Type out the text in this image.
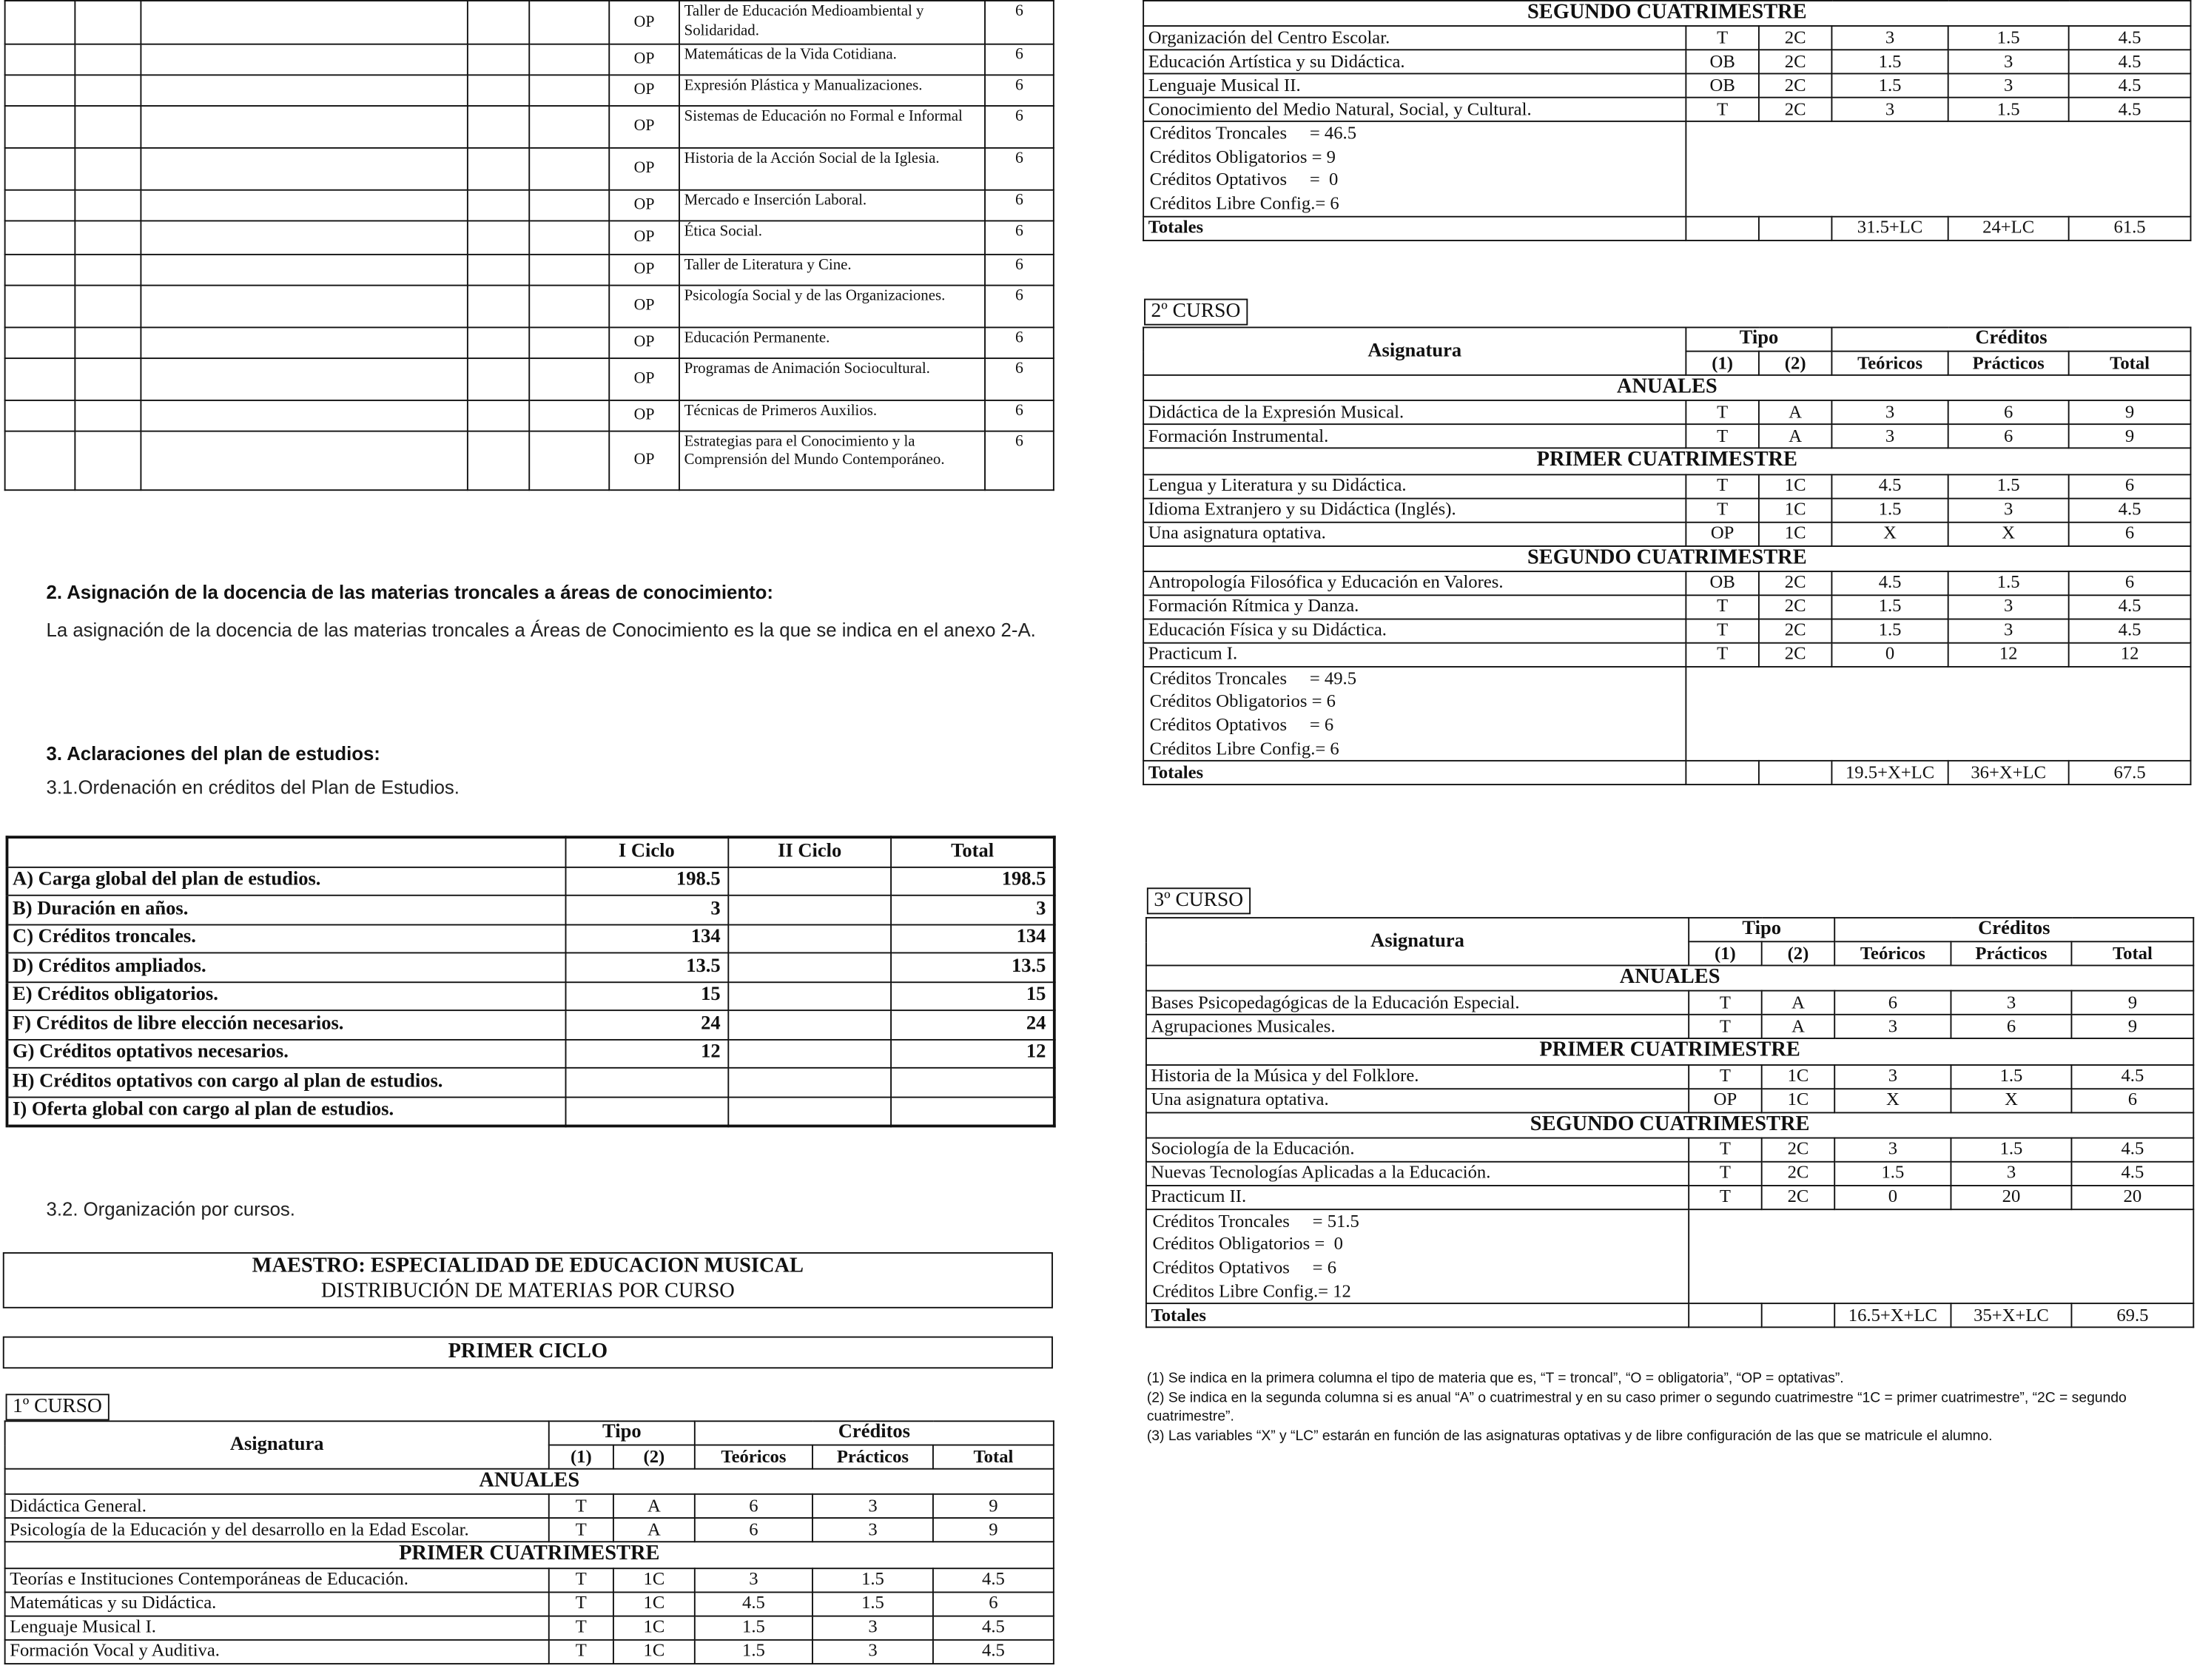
					OP	Taller de Educación Medioambiental y Solidaridad.	6
					OP	Matemáticas de la Vida Cotidiana.	6
					OP	Expresión Plástica y Manualizaciones.	6
					OP	Sistemas de Educación no Formal e Informal	6
					OP	Historia de la Acción Social de la Iglesia.	6
					OP	Mercado e Inserción Laboral.	6
					OP	Ética Social.	6
					OP	Taller de Literatura y Cine.	6
					OP	Psicología Social y de las Organizaciones.	6
					OP	Educación Permanente.	6
					OP	Programas de Animación Sociocultural.	6
					OP	Técnicas de Primeros Auxilios.	6
					OP	Estrategias para el Conocimiento y la Comprensión del Mundo Contemporáneo.	6
2. Asignación de la docencia de las materias troncales a áreas de conocimiento:
La asignación de la docencia de las materias troncales a Áreas de Conocimiento es la que se indica en el anexo 2-A.
3. Aclaraciones del plan de estudios:
3.1.Ordenación en créditos del Plan de Estudios.
	I Ciclo	II Ciclo	Total
A) Carga global del plan de estudios.	198.5		198.5
B) Duración en años.	3		3
C) Créditos troncales.	134		134
D) Créditos ampliados.	13.5		13.5
E) Créditos obligatorios.	15		15
F) Créditos de libre elección necesarios.	24		24
G) Créditos optativos necesarios.	12		12
H) Créditos optativos con cargo al plan de estudios.			
I) Oferta global con cargo al plan de estudios.			
3.2. Organización por cursos.
MAESTRO: ESPECIALIDAD DE EDUCACION MUSICAL
DISTRIBUCIÓN DE MATERIAS POR CURSO
PRIMER CICLO
1º CURSO
Asignatura	Tipo		Créditos		
	(1)	(2)	Teóricos	Prácticos	Total
ANUALES					
Didáctica General.	T	A	6	3	9
Psicología de la Educación y del desarrollo en la Edad Escolar.	T	A	6	3	9
PRIMER CUATRIMESTRE					
Teorías e Instituciones Contemporáneas de Educación.	T	1C	3	1.5	4.5
Matemáticas y su Didáctica.	T	1C	4.5	1.5	6
Lenguaje Musical I.	T	1C	1.5	3	4.5
Formación Vocal y Auditiva.	T	1C	1.5	3	4.5
SEGUNDO CUATRIMESTRE					
Organización del Centro Escolar.	T	2C	3	1.5	4.5
Educación Artística y su Didáctica.	OB	2C	1.5	3	4.5
Lenguaje Musical II.	OB	2C	1.5	3	4.5
Conocimiento del Medio Natural, Social, y Cultural.	T	2C	3	1.5	4.5

Créditos Troncales     = 46.5
Créditos Obligatorios = 9
Créditos Optativos     =  0
Créditos Libre Config.= 6					

Totales			31.5+LC	24+LC	61.5
2º CURSO
Asignatura	Tipo		Créditos		
	(1)	(2)	Teóricos	Prácticos	Total
ANUALES					
Didáctica de la Expresión Musical.	T	A	3	6	9
Formación Instrumental.	T	A	3	6	9
PRIMER CUATRIMESTRE					
Lengua y Literatura y su Didáctica.	T	1C	4.5	1.5	6
Idioma Extranjero y su Didáctica (Inglés).	T	1C	1.5	3	4.5
Una asignatura optativa.	OP	1C	X	X	6
SEGUNDO CUATRIMESTRE					
Antropología Filosófica y Educación en Valores.	OB	2C	4.5	1.5	6
Formación Rítmica y Danza.	T	2C	1.5	3	4.5
Educación Física y su Didáctica.	T	2C	1.5	3	4.5
Practicum I.	T	2C	0	12	12

Créditos Troncales     = 49.5
Créditos Obligatorios = 6
Créditos Optativos     = 6
Créditos Libre Config.= 6					

Totales			19.5+X+LC	36+X+LC	67.5
3º CURSO
Asignatura	Tipo		Créditos		
	(1)	(2)	Teóricos	Prácticos	Total
ANUALES					
Bases Psicopedagógicas de la Educación Especial.	T	A	6	3	9
Agrupaciones Musicales.	T	A	3	6	9
PRIMER CUATRIMESTRE					
Historia de la Música y del Folklore.	T	1C	3	1.5	4.5
Una asignatura optativa.	OP	1C	X	X	6
SEGUNDO CUATRIMESTRE					
Sociología de la Educación.	T	2C	3	1.5	4.5
Nuevas Tecnologías Aplicadas a la Educación.	T	2C	1.5	3	4.5
Practicum II.	T	2C	0	20	20

Créditos Troncales     = 51.5
Créditos Obligatorios =  0
Créditos Optativos     = 6
Créditos Libre Config.= 12					

Totales			16.5+X+LC	35+X+LC	69.5
(1) Se indica en la primera columna el tipo de materia que es, “T = troncal”, “O = obligatoria”, “OP = optativas”.
(2) Se indica en la segunda columna si es anual “A” o cuatrimestral y en su caso primer o segundo cuatrimestre “1C = primer cuatrimestre”, “2C = segundo cuatrimestre”.
(3) Las variables “X” y “LC” estarán en función de las asignaturas optativas y de libre configuración de las que se matricule el alumno.
